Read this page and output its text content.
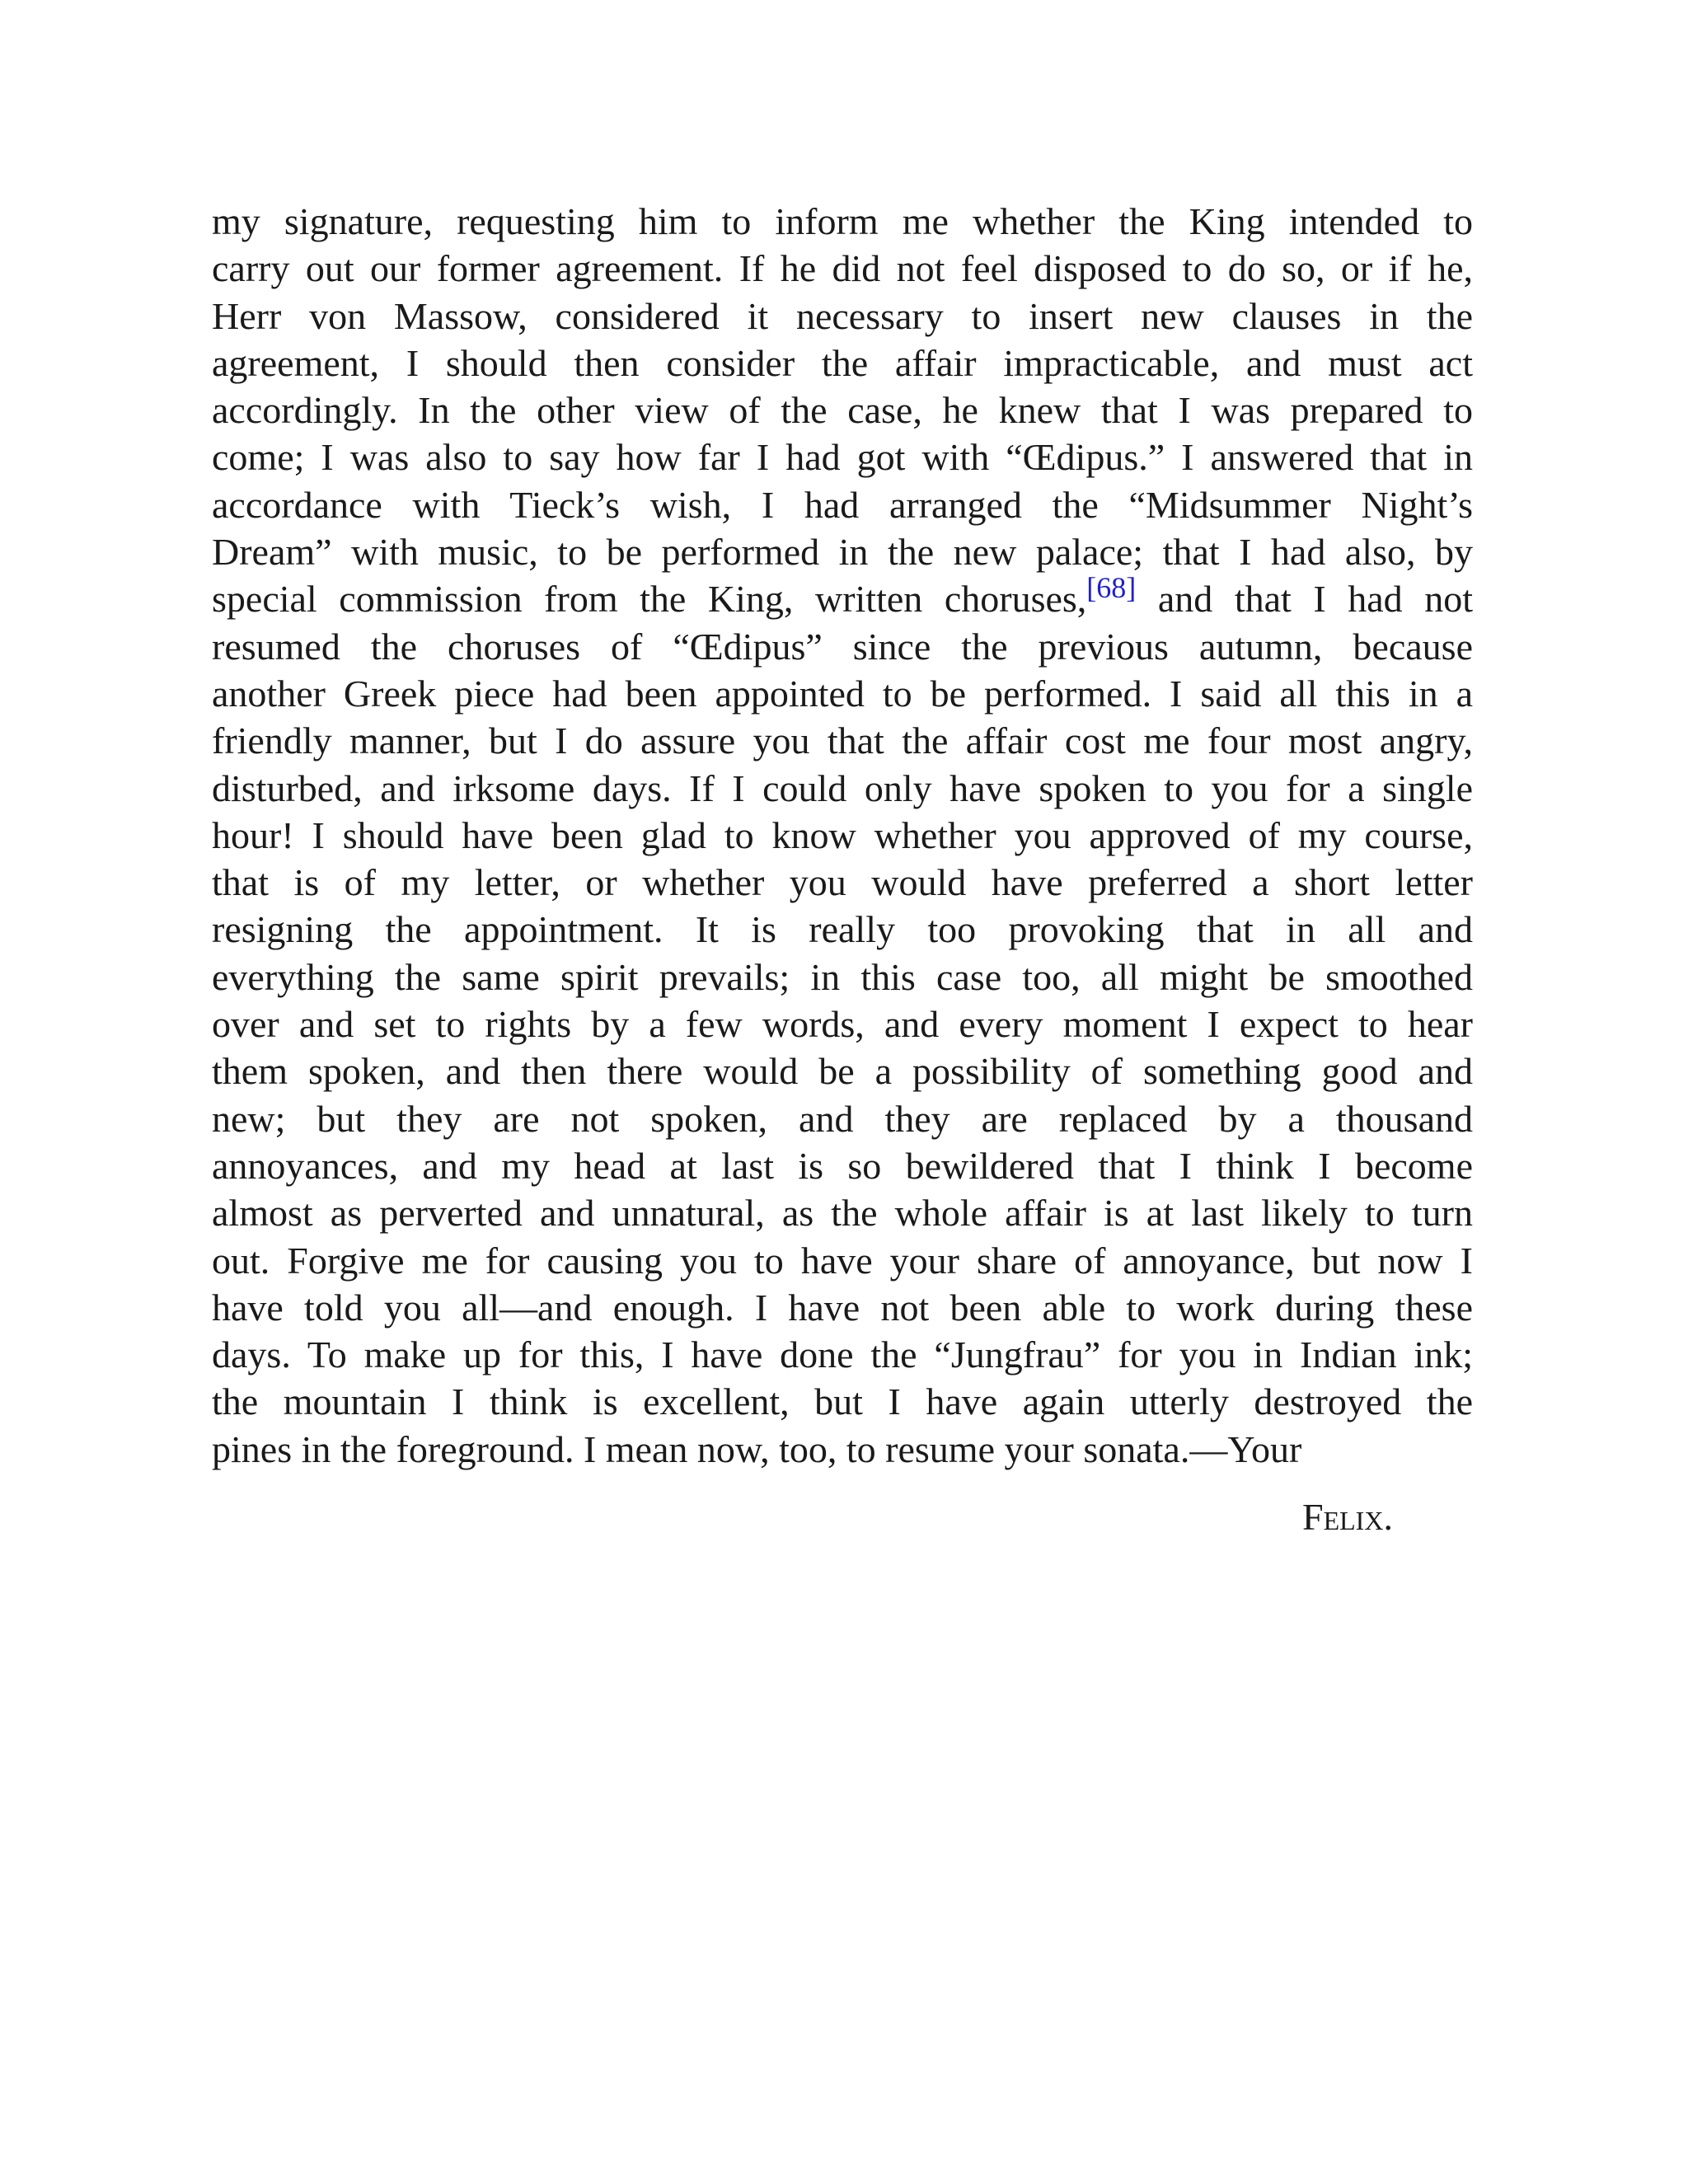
my signature, requesting him to inform me whether the King intended to
carry out our former agreement. If he did not feel disposed to do so, or if he,
Herr von Massow, considered it necessary to insert new clauses in the
agreement, I should then consider the affair impracticable, and must act
accordingly. In the other view of the case, he knew that I was prepared to
come; I was also to say how far I had got with “Œdipus.” I answered that in
accordance with Tieck’s wish, I had arranged the “Midsummer Night’s
Dream” with music, to be performed in the new palace; that I had also, by
special commission from the King, written choruses,[68] and that I had not
resumed the choruses of “Œdipus” since the previous autumn, because
another Greek piece had been appointed to be performed. I said all this in a
friendly manner, but I do assure you that the affair cost me four most angry,
disturbed, and irksome days. If I could only have spoken to you for a single
hour! I should have been glad to know whether you approved of my course,
that is of my letter, or whether you would have preferred a short letter
resigning the appointment. It is really too provoking that in all and
everything the same spirit prevails; in this case too, all might be smoothed
over and set to rights by a few words, and every moment I expect to hear
them spoken, and then there would be a possibility of something good and
new; but they are not spoken, and they are replaced by a thousand
annoyances, and my head at last is so bewildered that I think I become
almost as perverted and unnatural, as the whole affair is at last likely to turn
out. Forgive me for causing you to have your share of annoyance, but now I
have told you all—and enough. I have not been able to work during these
days. To make up for this, I have done the “Jungfrau” for you in Indian ink;
the mountain I think is excellent, but I have again utterly destroyed the
pines in the foreground. I mean now, too, to resume your sonata.—Your
Felix.
